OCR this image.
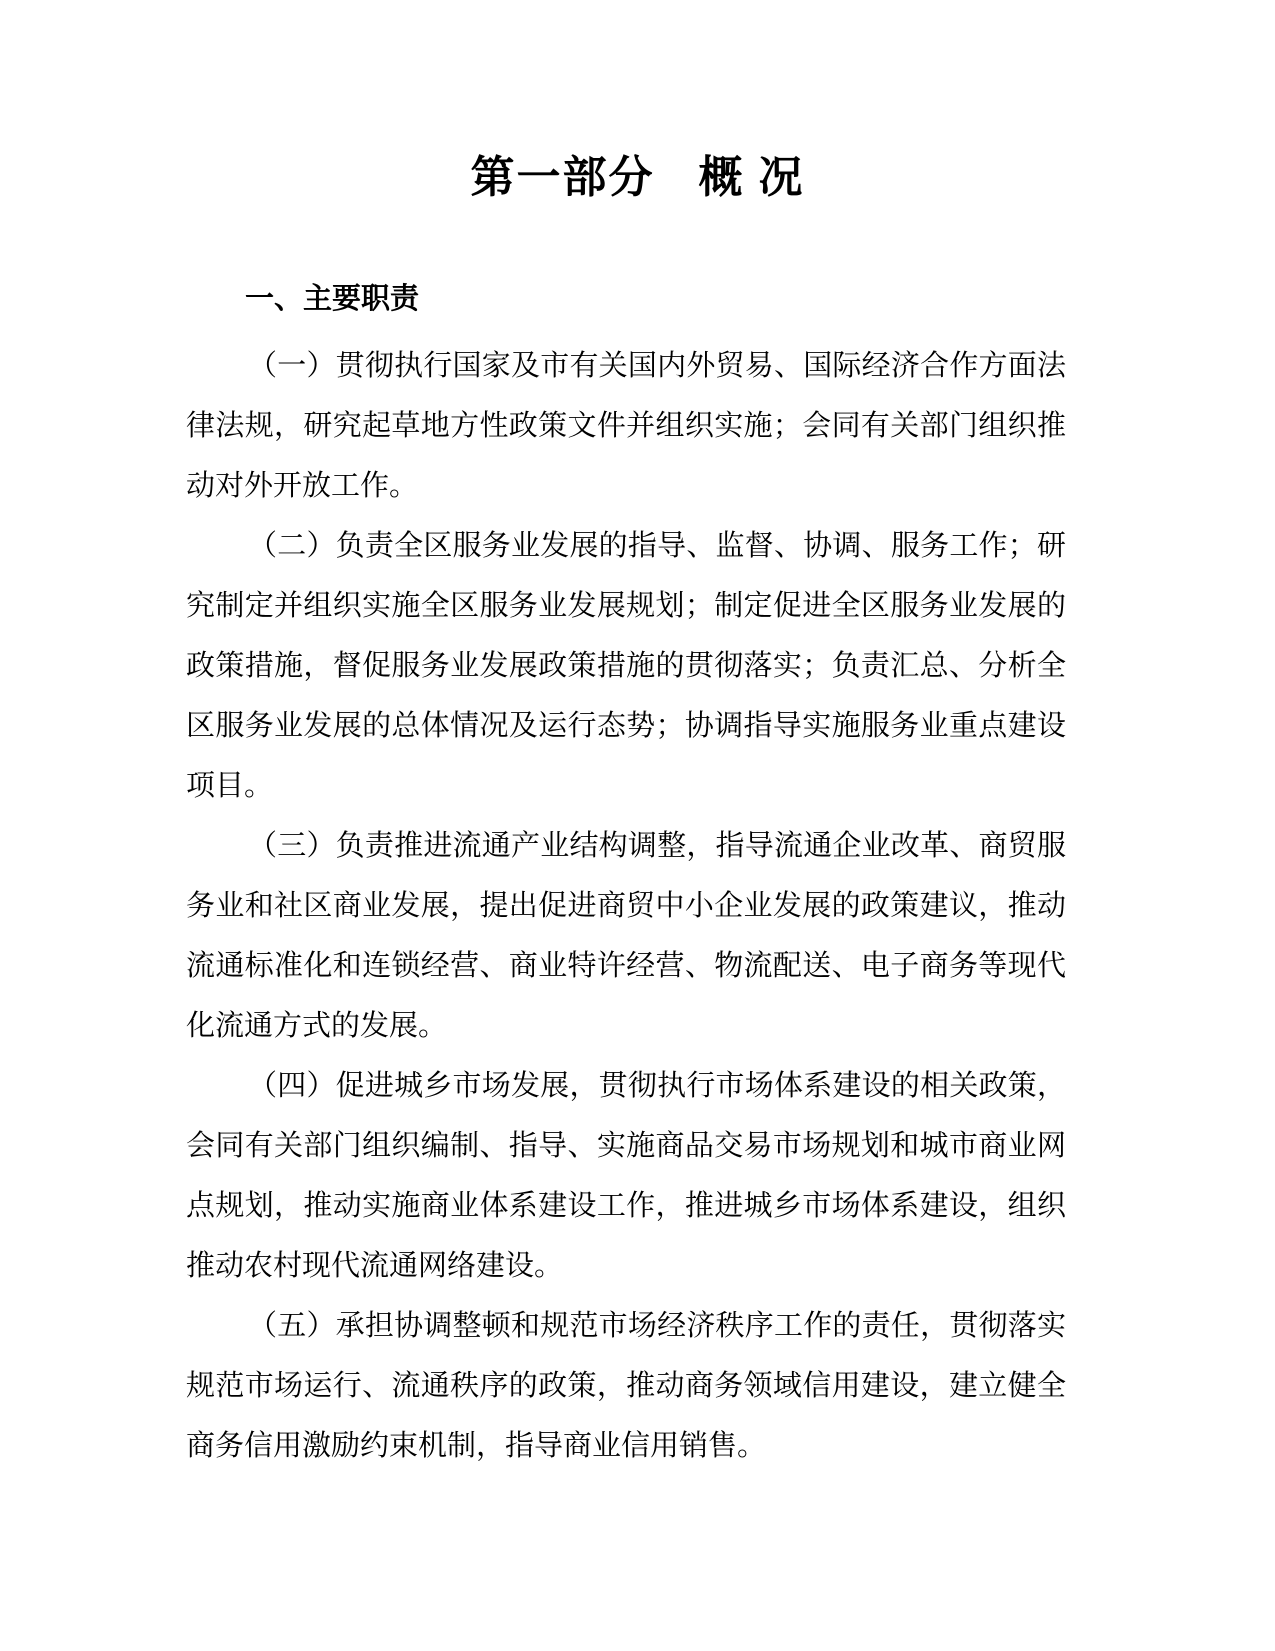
第一部分 概 况
一、主要职责

（一）贯彻执行国家及市有关国内外贸易、国际经济合作方面法律法规，研究起草地方性政策文件并组织实施；会同有关部门组织推动对外开放工作。

（二）负责全区服务业发展的指导、监督、协调、服务工作；研究制定并组织实施全区服务业发展规划；制定促进全区服务业发展的政策措施，督促服务业发展政策措施的贯彻落实；负责汇总、分析全区服务业发展的总体情况及运行态势；协调指导实施服务业重点建设项目。

（三）负责推进流通产业结构调整，指导流通企业改革、商贸服务业和社区商业发展，提出促进商贸中小企业发展的政策建议，推动流通标准化和连锁经营、商业特许经营、物流配送、电子商务等现代化流通方式的发展。

（四）促进城乡市场发展，贯彻执行市场体系建设的相关政策，会同有关部门组织编制、指导、实施商品交易市场规划和城市商业网点规划，推动实施商业体系建设工作，推进城乡市场体系建设，组织推动农村现代流通网络建设。

（五）承担协调整顿和规范市场经济秩序工作的责任，贯彻落实规范市场运行、流通秩序的政策，推动商务领域信用建设，建立健全商务信用激励约束机制，指导商业信用销售。
